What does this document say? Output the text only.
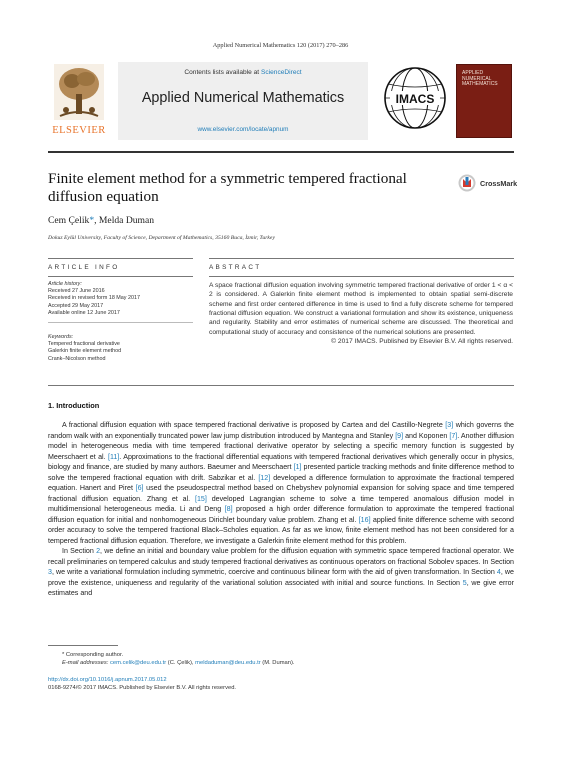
Applied Numerical Mathematics 120 (2017) 270–286
ELSEVIER
Contents lists available at ScienceDirect
Applied Numerical Mathematics
www.elsevier.com/locate/apnum
IMACS
APPLIED NUMERICAL MATHEMATICS
Finite element method for a symmetric tempered fractional
diffusion equation
CrossMark
Cem Çelik*, Melda Duman
Dokuz Eylül University, Faculty of Science, Department of Mathematics, 35160 Buca, İzmir, Turkey
ARTICLE INFO	ABSTRACT
Article history:
Received 27 June 2016
Received in revised form 18 May 2017
Accepted 29 May 2017
Available online 12 June 2017
Keywords:
Tempered fractional derivative
Galerkin finite element method
Crank–Nicolson method
A space fractional diffusion equation involving symmetric tempered fractional derivative of order 1 < α < 2 is considered. A Galerkin finite element method is implemented to obtain spatial semi-discrete scheme and first order centered difference in time is used to find a fully discrete scheme for tempered fractional diffusion equation. We construct a variational formulation and show its existence, uniqueness and regularity. Stability and error estimates of numerical scheme are discussed. The theoretical and computational study of accuracy and consistence of the numerical solutions are presented.
© 2017 IMACS. Published by Elsevier B.V. All rights reserved.
1. Introduction

A fractional diffusion equation with space tempered fractional derivative is proposed by Cartea and del Castillo-Negrete [3] which governs the random walk with an exponentially truncated power law jump distribution introduced by Mantegna and Stanley [9] and Koponen [7]. Another diffusion model in heterogeneous media with time tempered fractional derivative operator by selecting a specific memory function is suggested by Meerschaert et al. [11]. Approximations to the fractional differential equations with tempered fractional derivatives which generally occur in physics, biology and finance, are studied by many authors. Baeumer and Meerschaert [1] presented particle tracking methods and finite difference method to solve the tempered fractional equation with drift. Sabzikar et al. [12] developed a difference formulation to approximate the fractional tempered equation. Hanert and Piret [6] used the pseudospectral method based on Chebyshev polynomial expansion for solving space and time tempered fractional diffusion equation. Zhang et al. [15] developed Lagrangian scheme to solve a time tempered anomalous diffusion model in multidimensional heterogeneous media. Li and Deng [8] proposed a high order difference formulation to approximate the tempered fractional diffusion equation for initial and nonhomogeneous Dirichlet boundary value problem. Zhang et al. [16] applied finite difference scheme with second order accuracy to solve the tempered fractional Black–Scholes equation. As far as we know, finite element method has not been considered for a tempered fractional diffusion equation. Therefore, we investigate a Galerkin finite element method for this problem.

In Section 2, we define an initial and boundary value problem for the diffusion equation with symmetric space tempered fractional operator. We recall preliminaries on tempered calculus and study tempered fractional derivatives as continuous operators on fractional Sobolev spaces. In Section 3, we write a variational formulation including symmetric, coercive and continuous bilinear form with the aid of given transformation. In Section 4, we prove the existence, uniqueness and regularity of the variational solution associated with initial and source functions. In Section 5, we give error estimates and

* Corresponding author.
E-mail addresses: cem.celik@deu.edu.tr (C. Çelik), meldaduman@deu.edu.tr (M. Duman).
http://dx.doi.org/10.1016/j.apnum.2017.05.012
0168-9274/© 2017 IMACS. Published by Elsevier B.V. All rights reserved.
